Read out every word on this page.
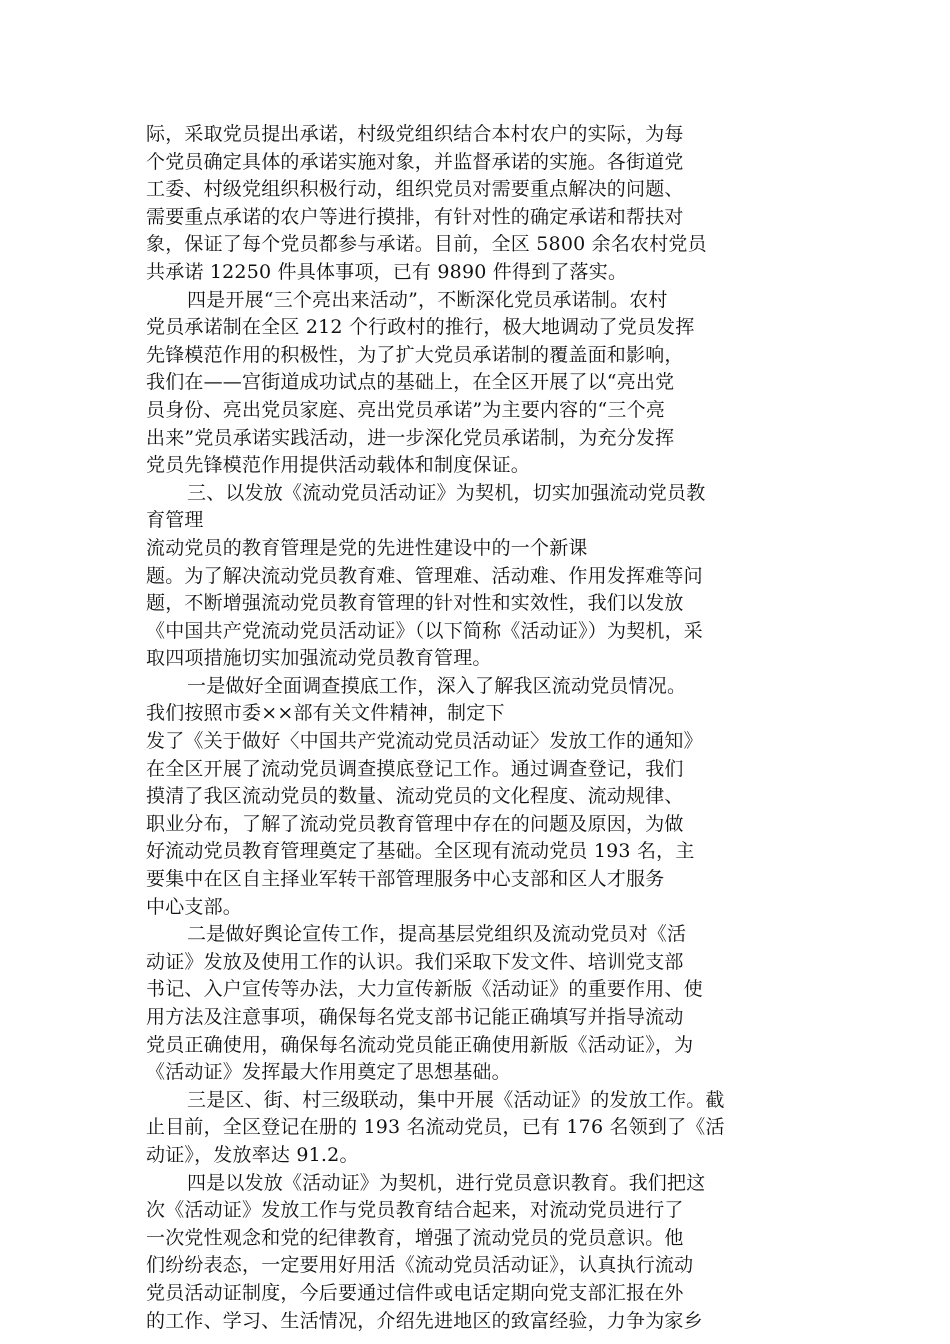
际，采取党员提出承诺，村级党组织结合本村农户的实际，为每
个党员确定具体的承诺实施对象，并监督承诺的实施。各街道党
工委、村级党组织积极行动，组织党员对需要重点解决的问题、
需要重点承诺的农户等进行摸排，有针对性的确定承诺和帮扶对
象，保证了每个党员都参与承诺。目前，全区 5800 余名农村党员
共承诺 12250 件具体事项，已有 9890 件得到了落实。
四是开展“三个亮出来活动”，不断深化党员承诺制。农村
党员承诺制在全区 212 个行政村的推行，极大地调动了党员发挥
先锋模范作用的积极性，为了扩大党员承诺制的覆盖面和影响，
我们在——宫街道成功试点的基础上，在全区开展了以“亮出党
员身份、亮出党员家庭、亮出党员承诺”为主要内容的“三个亮
出来”党员承诺实践活动，进一步深化党员承诺制，为充分发挥
党员先锋模范作用提供活动载体和制度保证。
三、以发放《流动党员活动证》为契机，切实加强流动党员教
育管理
流动党员的教育管理是党的先进性建设中的一个新课
题。为了解决流动党员教育难、管理难、活动难、作用发挥难等问
题，不断增强流动党员教育管理的针对性和实效性，我们以发放
《中国共产党流动党员活动证》（以下简称《活动证》）为契机，采
取四项措施切实加强流动党员教育管理。
一是做好全面调查摸底工作，深入了解我区流动党员情况。
我们按照市委××部有关文件精神，制定下
发了《关于做好〈中国共产党流动党员活动证〉发放工作的通知》
在全区开展了流动党员调查摸底登记工作。通过调查登记，我们
摸清了我区流动党员的数量、流动党员的文化程度、流动规律、
职业分布，了解了流动党员教育管理中存在的问题及原因，为做
好流动党员教育管理奠定了基础。全区现有流动党员 193 名，主
要集中在区自主择业军转干部管理服务中心支部和区人才服务
中心支部。
二是做好舆论宣传工作，提高基层党组织及流动党员对《活
动证》发放及使用工作的认识。我们采取下发文件、培训党支部
书记、入户宣传等办法，大力宣传新版《活动证》的重要作用、使
用方法及注意事项，确保每名党支部书记能正确填写并指导流动
党员正确使用，确保每名流动党员能正确使用新版《活动证》，为
《活动证》发挥最大作用奠定了思想基础。
三是区、街、村三级联动，集中开展《活动证》的发放工作。截
止目前，全区登记在册的 193 名流动党员，已有 176 名领到了《活
动证》，发放率达 91.2。
四是以发放《活动证》为契机，进行党员意识教育。我们把这
次《活动证》发放工作与党员教育结合起来，对流动党员进行了
一次党性观念和党的纪律教育，增强了流动党员的党员意识。他
们纷纷表态，一定要用好用活《流动党员活动证》，认真执行流动
党员活动证制度，今后要通过信件或电话定期向党支部汇报在外
的工作、学习、生活情况，介绍先进地区的致富经验，力争为家乡
